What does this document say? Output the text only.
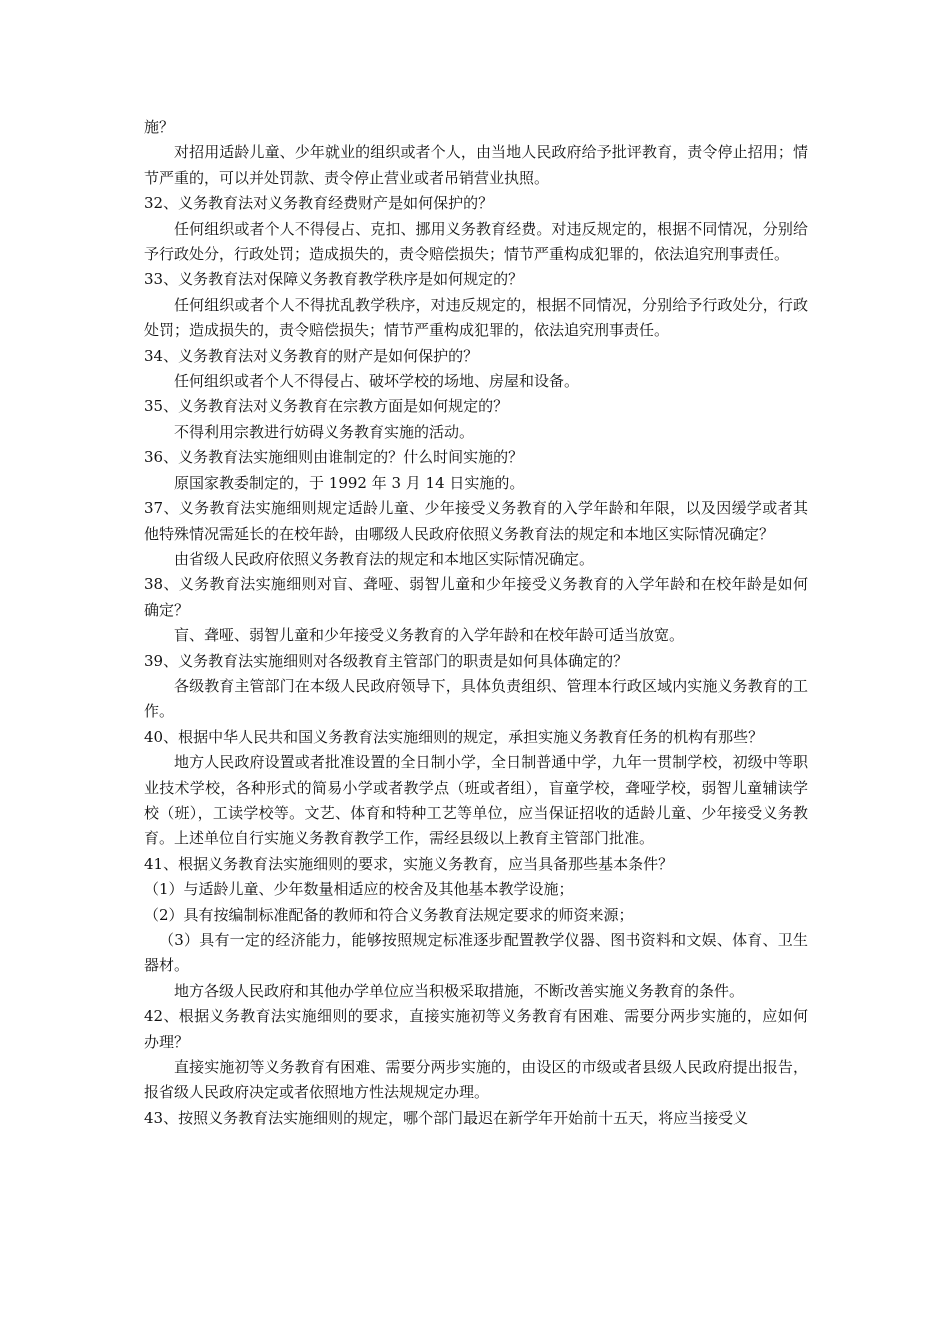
施？

对招用适龄儿童、少年就业的组织或者个人，由当地人民政府给予批评教育，责令停止招用；情节严重的，可以并处罚款、责令停止营业或者吊销营业执照。

32、义务教育法对义务教育经费财产是如何保护的？

任何组织或者个人不得侵占、克扣、挪用义务教育经费。对违反规定的，根据不同情况，分别给予行政处分，行政处罚；造成损失的，责令赔偿损失；情节严重构成犯罪的，依法追究刑事责任。

33、义务教育法对保障义务教育教学秩序是如何规定的？

任何组织或者个人不得扰乱教学秩序，对违反规定的，根据不同情况，分别给予行政处分，行政处罚；造成损失的，责令赔偿损失；情节严重构成犯罪的，依法追究刑事责任。

34、义务教育法对义务教育的财产是如何保护的？

任何组织或者个人不得侵占、破坏学校的场地、房屋和设备。

35、义务教育法对义务教育在宗教方面是如何规定的？

不得利用宗教进行妨碍义务教育实施的活动。

36、义务教育法实施细则由谁制定的？什么时间实施的？

原国家教委制定的，于 1992 年 3 月 14 日实施的。

37、义务教育法实施细则规定适龄儿童、少年接受义务教育的入学年龄和年限，以及因缓学或者其他特殊情况需延长的在校年龄，由哪级人民政府依照义务教育法的规定和本地区实际情况确定？

由省级人民政府依照义务教育法的规定和本地区实际情况确定。

38、义务教育法实施细则对盲、聋哑、弱智儿童和少年接受义务教育的入学年龄和在校年龄是如何确定？

盲、聋哑、弱智儿童和少年接受义务教育的入学年龄和在校年龄可适当放宽。

39、义务教育法实施细则对各级教育主管部门的职责是如何具体确定的？

各级教育主管部门在本级人民政府领导下，具体负责组织、管理本行政区域内实施义务教育的工作。

40、根据中华人民共和国义务教育法实施细则的规定，承担实施义务教育任务的机构有那些？

地方人民政府设置或者批准设置的全日制小学，全日制普通中学，九年一贯制学校，初级中等职业技术学校，各种形式的简易小学或者教学点（班或者组），盲童学校，聋哑学校，弱智儿童辅读学校（班），工读学校等。文艺、体育和特种工艺等单位，应当保证招收的适龄儿童、少年接受义务教育。上述单位自行实施义务教育教学工作，需经县级以上教育主管部门批准。

41、根据义务教育法实施细则的要求，实施义务教育，应当具备那些基本条件？

（1）与适龄儿童、少年数量相适应的校舍及其他基本教学设施；

（2）具有按编制标准配备的教师和符合义务教育法规定要求的师资来源；

（3）具有一定的经济能力，能够按照规定标准逐步配置教学仪器、图书资料和文娱、体育、卫生器材。

地方各级人民政府和其他办学单位应当积极采取措施，不断改善实施义务教育的条件。

42、根据义务教育法实施细则的要求，直接实施初等义务教育有困难、需要分两步实施的，应如何办理？

直接实施初等义务教育有困难、需要分两步实施的，由设区的市级或者县级人民政府提出报告，报省级人民政府决定或者依照地方性法规规定办理。

43、按照义务教育法实施细则的规定，哪个部门最迟在新学年开始前十五天，将应当接受义
